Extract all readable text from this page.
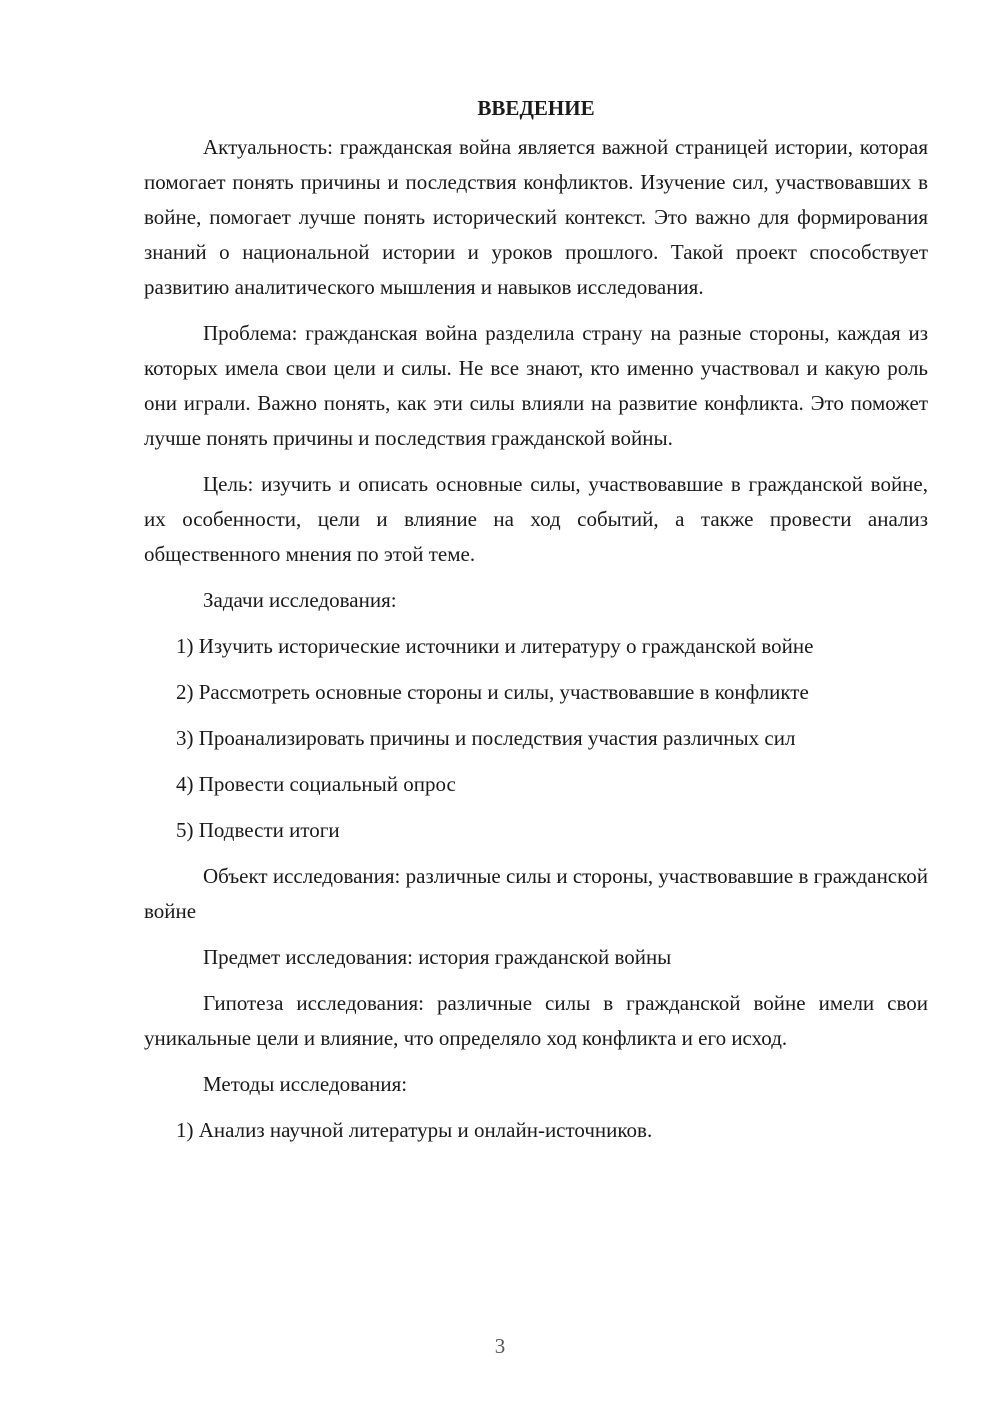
ВВЕДЕНИЕ

Актуальность: гражданская война является важной страницей истории, которая помогает понять причины и последствия конфликтов. Изучение сил, участвовавших в войне, помогает лучше понять исторический контекст. Это важно для формирования знаний о национальной истории и уроков прошлого. Такой проект способствует развитию аналитического мышления и навыков исследования.

Проблема: гражданская война разделила страну на разные стороны, каждая из которых имела свои цели и силы. Не все знают, кто именно участвовал и какую роль они играли. Важно понять, как эти силы влияли на развитие конфликта. Это поможет лучше понять причины и последствия гражданской войны.

Цель: изучить и описать основные силы, участвовавшие в гражданской войне, их особенности, цели и влияние на ход событий, а также провести анализ общественного мнения по этой теме.

Задачи исследования:

1) Изучить исторические источники и литературу о гражданской войне

2) Рассмотреть основные стороны и силы, участвовавшие в конфликте

3) Проанализировать причины и последствия участия различных сил

4) Провести социальный опрос

5) Подвести итоги

Объект исследования: различные силы и стороны, участвовавшие в гражданской войне

Предмет исследования: история гражданской войны

Гипотеза исследования: различные силы в гражданской войне имели свои уникальные цели и влияние, что определяло ход конфликта и его исход.

Методы исследования:

1) Анализ научной литературы и онлайн-источников.

3
